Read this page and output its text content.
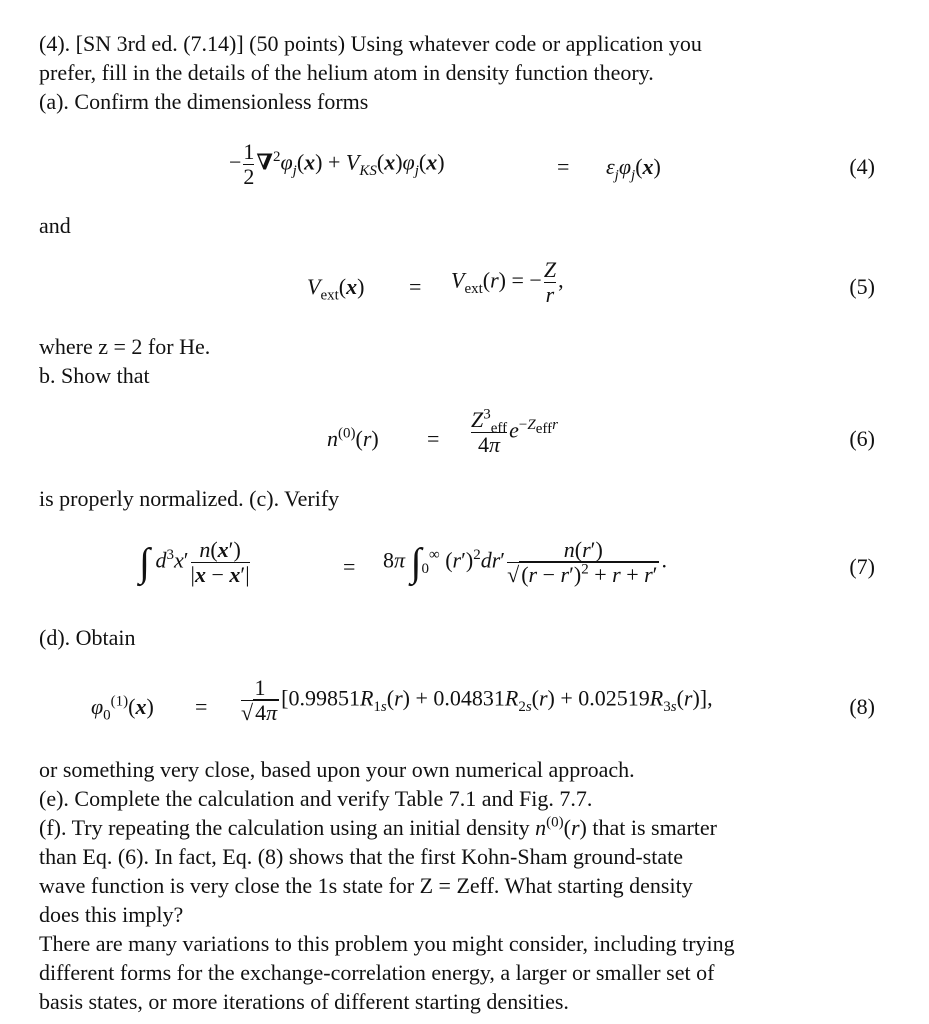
(4). [SN 3rd ed. (7.14)] (50 points) Using whatever code or application you
prefer, fill in the details of the helium atom in density function theory.
(a). Confirm the dimensionless forms
− $\frac{1}{2} \nabla^2\varphi_j(x) + V_{KS}(x)\varphi_j(x)$	= $\varepsilon_j\varphi_j(x)$	(4)
and
$V_{ext}(x) = V_{ext}(r)$ = − $\frac{Z}{r}$ ,	(5)
where z = 2 for He.
b. Show that
$n^{(0)}(r) = \frac{Z^3_{eff}}{4\pi} e^{-Z_{eff}r}$
(6)
is properly normalized. (c). Verify
∫ $d^3x' \frac{n(x')}{|x - x'|}$	= 8π $\int_0^\infty$ $(r')^2dr' \frac{n(r')}{√(r - r')^2 + r + r'}$ .	(7)
(d). Obtain
$\varphi_0^{(1)}(x) = \frac{1}{√4\pi} [0.99851R_{1s}(r) + 0.04831R_{2s}(r) + 0.02519R_{3s}(r)]$,	(8)
or something very close, based upon your own numerical approach.
(e). Complete the calculation and verify Table 7.1 and Fig. 7.7.
(f). Try repeating the calculation using an initial density $n^{(0)}(r)$ that is smarter
than Eq. (6). In fact, Eq. (8) shows that the first Kohn-Sham ground-state
wave function is very close the 1s state for Z = Zeff. What starting density
does this imply?
There are many variations to this problem you might consider, including trying
different forms for the exchange-correlation energy, a larger or smaller set of
basis states, or more iterations of different starting densities.
